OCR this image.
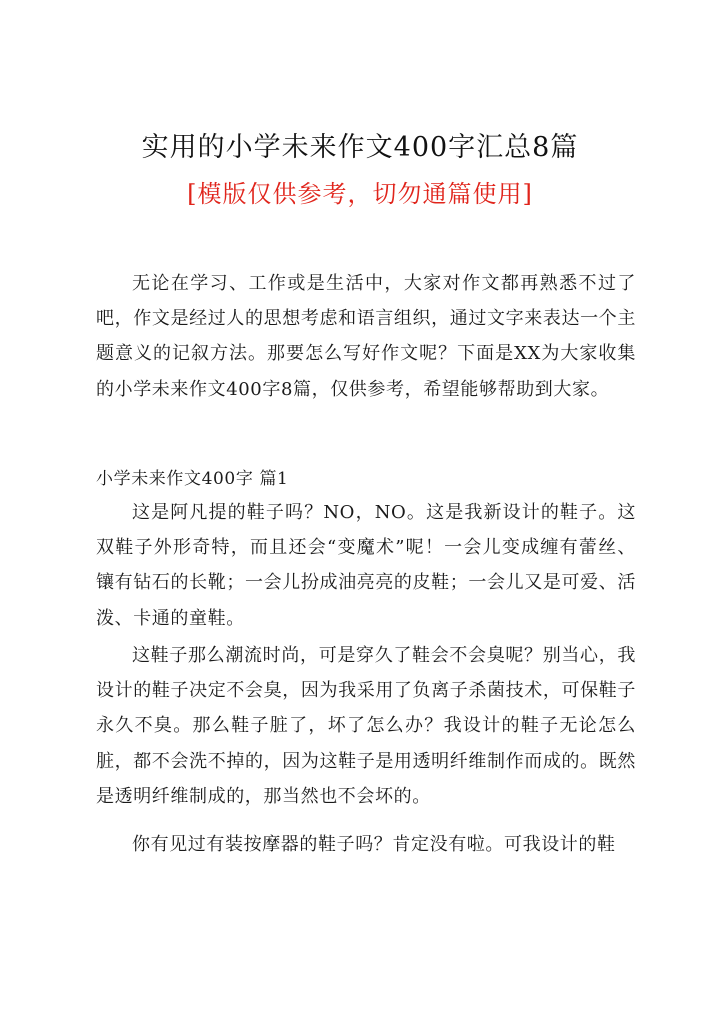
实用的小学未来作文400字汇总8篇
[模版仅供参考，切勿通篇使用]

无论在学习、工作或是生活中，大家对作文都再熟悉不过了吧，作文是经过人的思想考虑和语言组织，通过文字来表达一个主题意义的记叙方法。那要怎么写好作文呢？下面是XX为大家收集的小学未来作文400字8篇，仅供参考，希望能够帮助到大家。

小学未来作文400字 篇1

这是阿凡提的鞋子吗？NO，NO。这是我新设计的鞋子。这双鞋子外形奇特，而且还会“变魔术”呢！一会儿变成缠有蕾丝、镶有钻石的长靴；一会儿扮成油亮亮的皮鞋；一会儿又是可爱、活泼、卡通的童鞋。

这鞋子那么潮流时尚，可是穿久了鞋会不会臭呢？别当心，我设计的鞋子决定不会臭，因为我采用了负离子杀菌技术，可保鞋子永久不臭。那么鞋子脏了，坏了怎么办？我设计的鞋子无论怎么脏，都不会洗不掉的，因为这鞋子是用透明纤维制作而成的。既然是透明纤维制成的，那当然也不会坏的。

你有见过有装按摩器的鞋子吗？肯定没有啦。可我设计的鞋
